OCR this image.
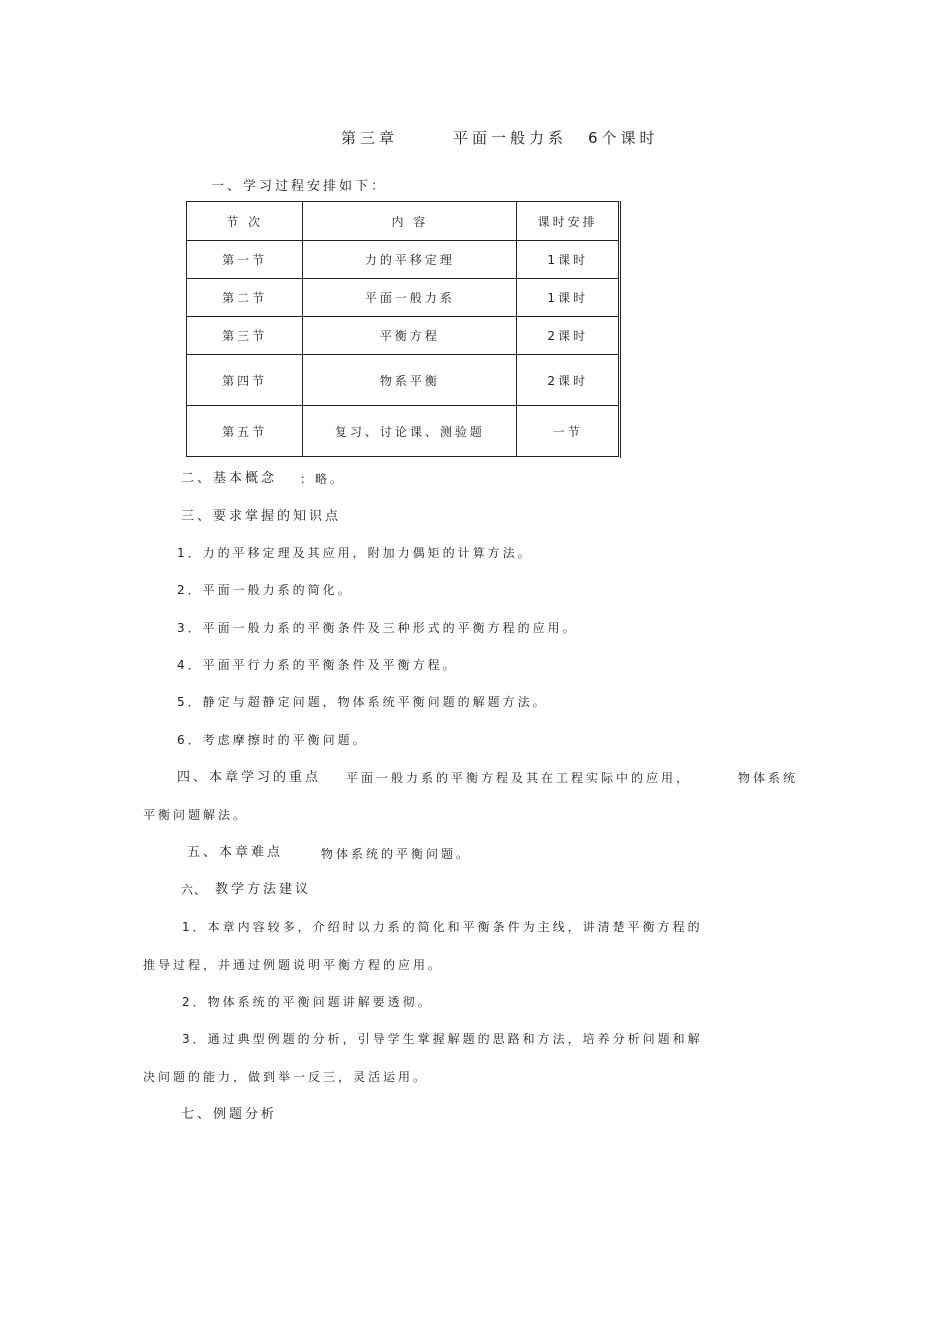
第三章	平面一般力系 6个课时
一、学习过程安排如下：
节 次	内 容	课时安排
第一节	力的平移定理	1课时
第二节	平面一般力系	1课时
第三节	平衡方程	2课时
第四节	物系平衡	2课时
第五节	复习、讨论课、测验题	一节
二、基本概念 ：略。
三、要求掌握的知识点
1．力的平移定理及其应用，附加力偶矩的计算方法。
2．平面一般力系的简化。
3．平面一般力系的平衡条件及三种形式的平衡方程的应用。
4．平面平行力系的平衡条件及平衡方程。
5．静定与超静定问题，物体系统平衡问题的解题方法。
6．考虑摩擦时的平衡问题。
四、本章学习的重点 平面一般力系的平衡方程及其在工程实际中的应用，	物体系统
平衡问题解法。
五、本章难点	物体系统的平衡问题。
六、 教学方法建议
1．本章内容较多，介绍时以力系的简化和平衡条件为主线，讲清楚平衡方程的
推导过程，并通过例题说明平衡方程的应用。
2．物体系统的平衡问题讲解要透彻。
3．通过典型例题的分析，引导学生掌握解题的思路和方法，培养分析问题和解
决问题的能力，做到举一反三，灵活运用。
七、例题分析
